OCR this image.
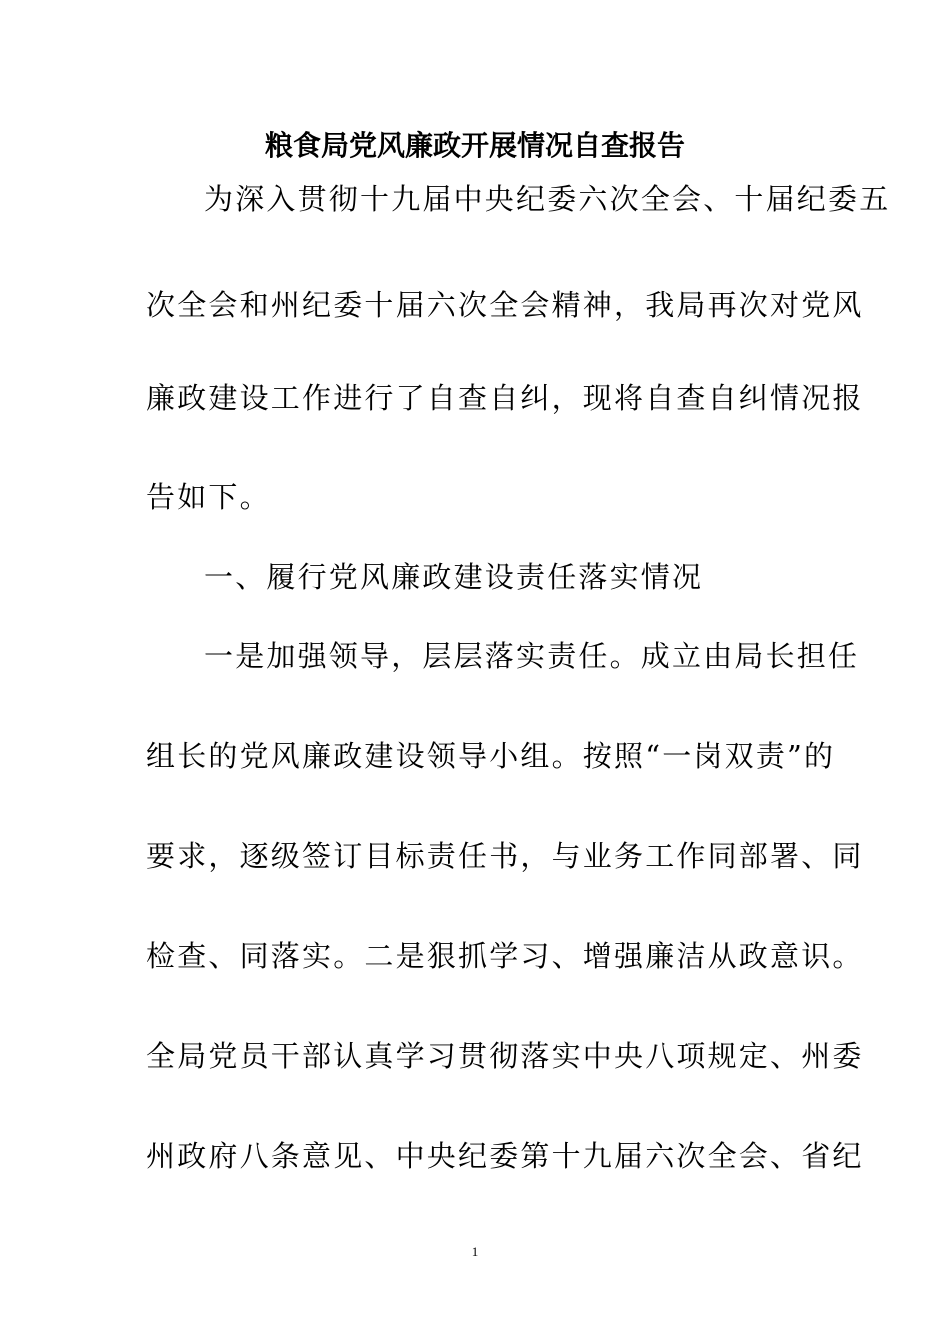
粮食局党风廉政开展情况自查报告
为深入贯彻十九届中央纪委六次全会、十届纪委五
次全会和州纪委十届六次全会精神，我局再次对党风
廉政建设工作进行了自查自纠，现将自查自纠情况报
告如下。
一、履行党风廉政建设责任落实情况
一是加强领导，层层落实责任。成立由局长担任
组长的党风廉政建设领导小组。按照“一岗双责”的
要求，逐级签订目标责任书，与业务工作同部署、同
检查、同落实。二是狠抓学习、增强廉洁从政意识。
全局党员干部认真学习贯彻落实中央八项规定、州委
州政府八条意见、中央纪委第十九届六次全会、省纪
1
